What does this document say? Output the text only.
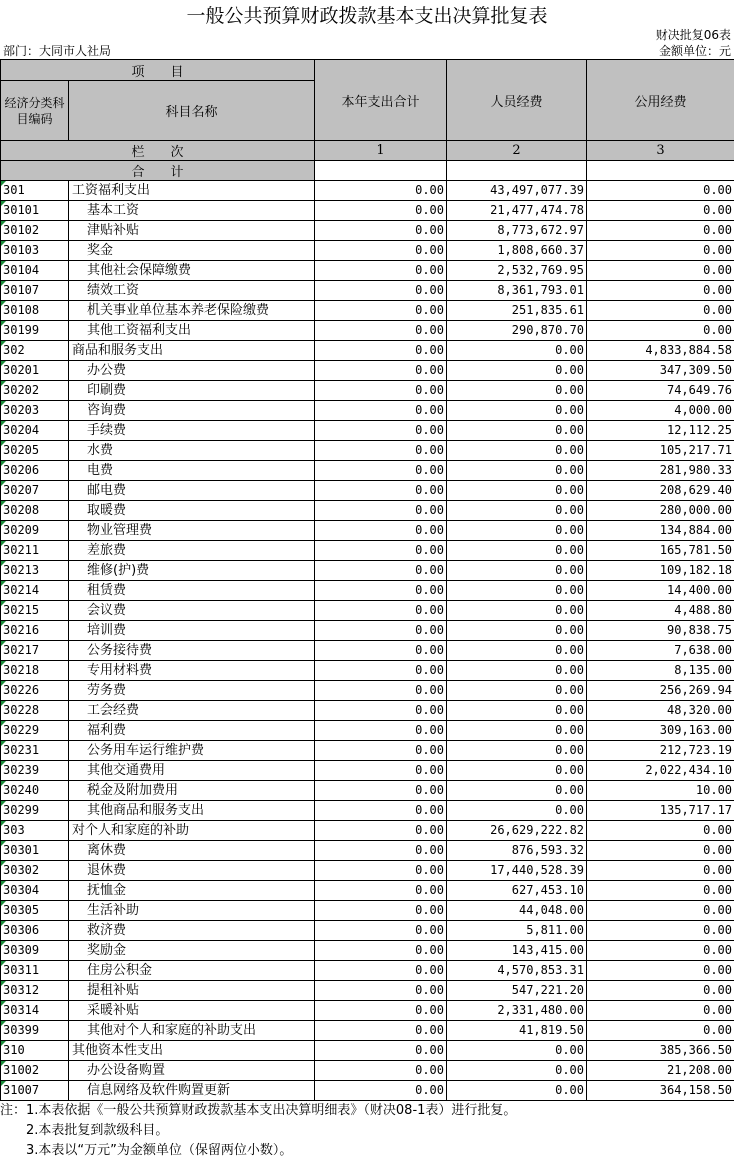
一般公共预算财政拨款基本支出决算批复表
财决批复06表
部门：大同市人社局	金额单位：元
项　　目		本年支出合计	人员经费	公用经费
经济分类科目编码	科目名称			
栏　　次		1	2	3
合　　计				
301	工资福利支出	0.00	43,497,077.39	0.00
30101	基本工资	0.00	21,477,474.78	0.00
30102	津贴补贴	0.00	8,773,672.97	0.00
30103	奖金	0.00	1,808,660.37	0.00
30104	其他社会保障缴费	0.00	2,532,769.95	0.00
30107	绩效工资	0.00	8,361,793.01	0.00
30108	机关事业单位基本养老保险缴费	0.00	251,835.61	0.00
30199	其他工资福利支出	0.00	290,870.70	0.00
302	商品和服务支出	0.00	0.00	4,833,884.58
30201	办公费	0.00	0.00	347,309.50
30202	印刷费	0.00	0.00	74,649.76
30203	咨询费	0.00	0.00	4,000.00
30204	手续费	0.00	0.00	12,112.25
30205	水费	0.00	0.00	105,217.71
30206	电费	0.00	0.00	281,980.33
30207	邮电费	0.00	0.00	208,629.40
30208	取暖费	0.00	0.00	280,000.00
30209	物业管理费	0.00	0.00	134,884.00
30211	差旅费	0.00	0.00	165,781.50
30213	维修(护)费	0.00	0.00	109,182.18
30214	租赁费	0.00	0.00	14,400.00
30215	会议费	0.00	0.00	4,488.80
30216	培训费	0.00	0.00	90,838.75
30217	公务接待费	0.00	0.00	7,638.00
30218	专用材料费	0.00	0.00	8,135.00
30226	劳务费	0.00	0.00	256,269.94
30228	工会经费	0.00	0.00	48,320.00
30229	福利费	0.00	0.00	309,163.00
30231	公务用车运行维护费	0.00	0.00	212,723.19
30239	其他交通费用	0.00	0.00	2,022,434.10
30240	税金及附加费用	0.00	0.00	10.00
30299	其他商品和服务支出	0.00	0.00	135,717.17
303	对个人和家庭的补助	0.00	26,629,222.82	0.00
30301	离休费	0.00	876,593.32	0.00
30302	退休费	0.00	17,440,528.39	0.00
30304	抚恤金	0.00	627,453.10	0.00
30305	生活补助	0.00	44,048.00	0.00
30306	救济费	0.00	5,811.00	0.00
30309	奖励金	0.00	143,415.00	0.00
30311	住房公积金	0.00	4,570,853.31	0.00
30312	提租补贴	0.00	547,221.20	0.00
30314	采暖补贴	0.00	2,331,480.00	0.00
30399	其他对个人和家庭的补助支出	0.00	41,819.50	0.00
310	其他资本性支出	0.00	0.00	385,366.50
31002	办公设备购置	0.00	0.00	21,208.00
31007	信息网络及软件购置更新	0.00	0.00	364,158.50
注：1.本表依据《一般公共预算财政拨款基本支出决算明细表》（财决08-1表）进行批复。
　　2.本表批复到款级科目。
　　3.本表以“万元”为金额单位（保留两位小数）。
